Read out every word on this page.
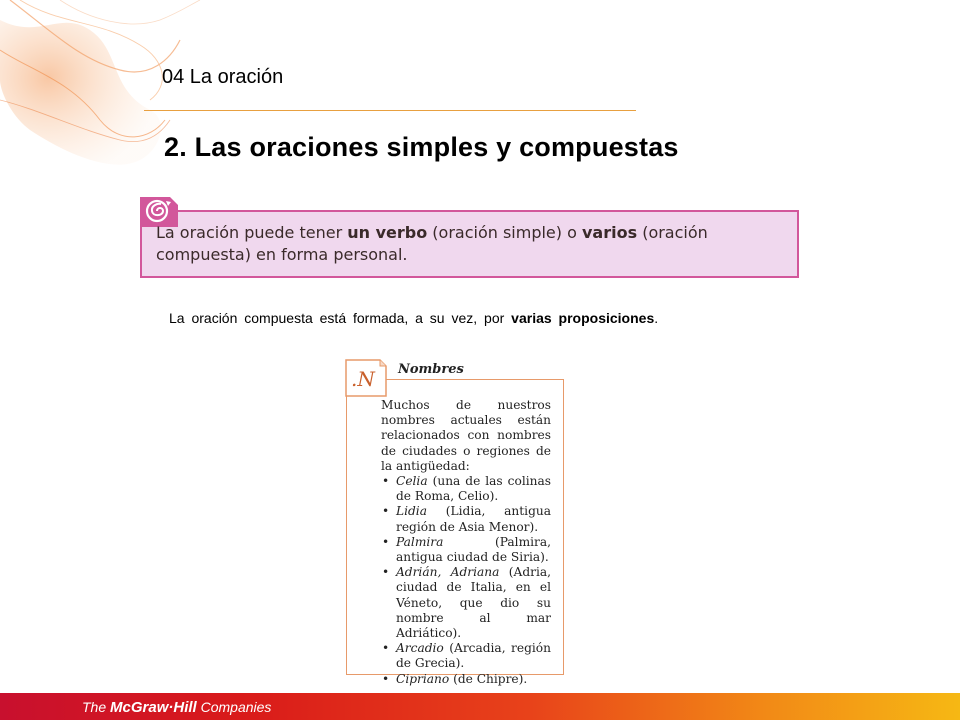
04 La oración
2. Las oraciones simples y compuestas
La oración puede tener un verbo (oración simple) o varios (oración compuesta) en forma personal.

La oración compuesta está formada, a su vez, por varias proposiciones.

.N Nombres

Muchos de nuestros nombres actuales están relacionados con nombres de ciudades o regiones de la antigüedad:

• Celia (una de las colinas de Roma, Celio).
• Lidia (Lidia, antigua región de Asia Menor).
• Palmira (Palmira, antigua ciudad de Siria).
• Adrián, Adriana (Adria, ciudad de Italia, en el Véneto, que dio su nombre al mar Adriático).
• Arcadio (Arcadia, región de Grecia).
• Cipriano (de Chipre).
The McGraw·Hill Companies
